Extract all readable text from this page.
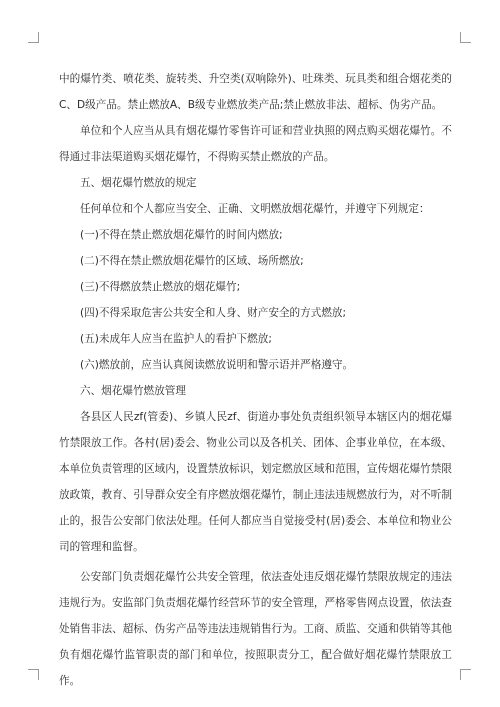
中的爆竹类、喷花类、旋转类、升空类(双响除外)、吐珠类、玩具类和组合烟花类的C、D级产品。禁止燃放A、B级专业燃放类产品;禁止燃放非法、超标、伪劣产品。

单位和个人应当从具有烟花爆竹零售许可证和营业执照的网点购买烟花爆竹。不得通过非法渠道购买烟花爆竹，不得购买禁止燃放的产品。

五、烟花爆竹燃放的规定

任何单位和个人都应当安全、正确、文明燃放烟花爆竹，并遵守下列规定：

(一)不得在禁止燃放烟花爆竹的时间内燃放;

(二)不得在禁止燃放烟花爆竹的区域、场所燃放;

(三)不得燃放禁止燃放的烟花爆竹;

(四)不得采取危害公共安全和人身、财产安全的方式燃放;

(五)未成年人应当在监护人的看护下燃放;

(六)燃放前，应当认真阅读燃放说明和警示语并严格遵守。

六、烟花爆竹燃放管理

各县区人民zf(管委)、乡镇人民zf、街道办事处负责组织领导本辖区内的烟花爆竹禁限放工作。各村(居)委会、物业公司以及各机关、团体、企事业单位，在本级、本单位负责管理的区域内，设置禁放标识，划定燃放区域和范围，宣传烟花爆竹禁限放政策，教育、引导群众安全有序燃放烟花爆竹，制止违法违规燃放行为，对不听制止的，报告公安部门依法处理。任何人都应当自觉接受村(居)委会、本单位和物业公司的管理和监督。

公安部门负责烟花爆竹公共安全管理，依法查处违反烟花爆竹禁限放规定的违法违规行为。安监部门负责烟花爆竹经营环节的安全管理，严格零售网点设置，依法查处销售非法、超标、伪劣产品等违法违规销售行为。工商、质监、交通和供销等其他负有烟花爆竹监管职责的部门和单位，按照职责分工，配合做好烟花爆竹禁限放工作。
